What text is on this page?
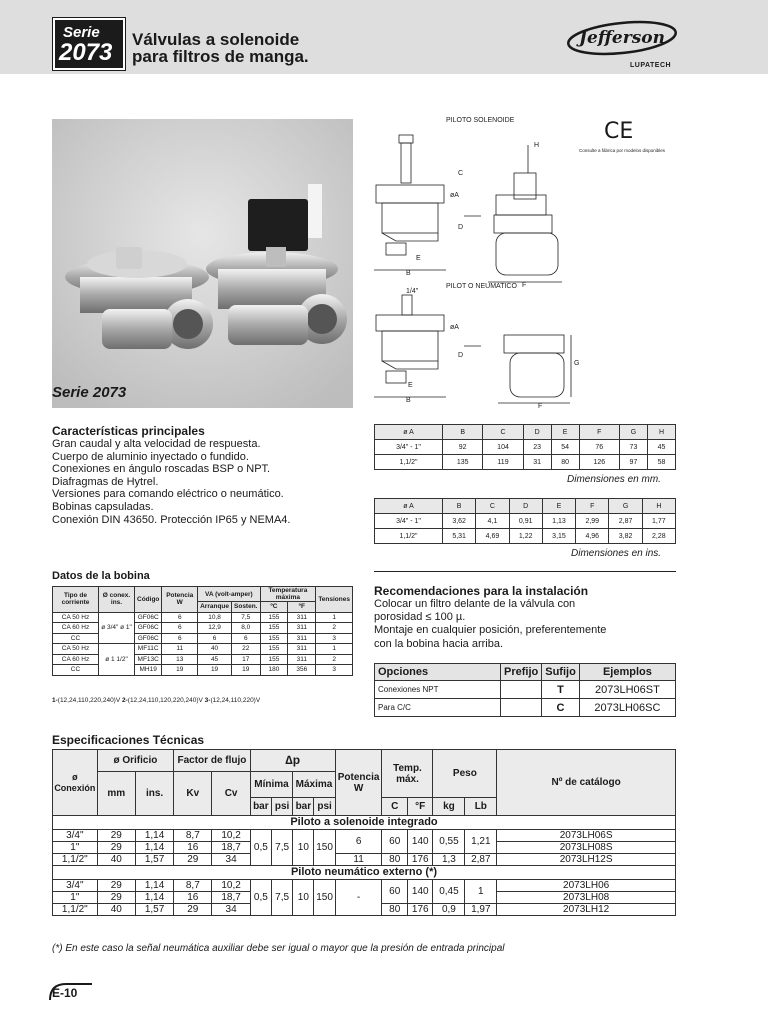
Serie
2073 Válvulas a solenoide
para filtros de manga.
Jefferson
LUPATECH
Serie 2073
PILOTO SOLENOIDE
PILOT O NEUMATICO
CE
Consulte a fábrica por modelos disponibles
C
øA
D
E
B
H
F
1/4"
øA
D
E
B
G
F
ø A	B	C	D	E	F	G	H
3/4" - 1"	92	104	23	54	76	73	45
1,1/2"	135	119	31	80	126	97	58
Dimensiones en mm.
ø A	B	C	D	E	F	G	H
3/4" - 1"	3,62	4,1	0,91	1,13	2,99	2,87	1,77
1,1/2"	5,31	4,69	1,22	3,15	4,96	3,82	2,28
Dimensiones en ins.
Características principales
Gran caudal y alta velocidad de respuesta.
Cuerpo de aluminio inyectado o fundido.
Conexiones en ángulo roscadas BSP o NPT.
Diafragmas de Hytrel.
Versiones para comando eléctrico o neumático.
Bobinas capsuladas.
Conexión DIN 43650. Protección IP65 y NEMA4.
Datos de la bobina
Tipo de corriente	Ø conex. ins.	Código	Potencia W	VA (volt-amper)		Temperatura máxima		Tensiones
				Arranque	Sosten.	ºC	ºF	
CA 50 Hz	ø 3/4" ø 1"	GF06C	6	10,8	7,5	155	311	1
CA 60 Hz		GF06C	6	12,9	8,0	155	311	2
CC		GF06C	6	6	6	155	311	3
CA 50 Hz	ø 1 1/2"	MF11C	11	40	22	155	311	1
CA 60 Hz		MF13C	13	45	17	155	311	2
CC		MH19	19	19	19	180	356	3
1-(12,24,110,220,240)V 2-(12,24,110,120,220,240)V 3-(12,24,110,220)V
Recomendaciones para la instalación
Colocar un filtro delante de la válvula con
porosidad ≤ 100 µ.
Montaje en cualquier posición, preferentemente
con la bobina hacia arriba.
Opciones	Prefijo	Sufijo	Ejemplos
Conexiones NPT		T	2073LH06ST
Para C/C		C	2073LH06SC
Especificaciones Técnicas
ø
Conexión	ø Orificio		Factor de flujo		∆p				Potencia W	Temp. máx.		Peso		Nº de catálogo
	mm	ins.	Kv	Cv	Mínima		Máxima							
					bar	psi	bar	psi		C	°F	kg	Lb	
Piloto a solenoide integrado														
3/4"	29	1,14	8,7	10,2	0,5	7,5	10	150	6	60	140	0,55	1,21	2073LH06S
1"	29	1,14	16	18,7										2073LH08S
1,1/2"	40	1,57	29	34					11	80	176	1,3	2,87	2073LH12S
Piloto neumático externo (*)														
3/4"	29	1,14	8,7	10,2	0,5	7,5	10	150	-	60	140	0,45	1	2073LH06
1"	29	1,14	16	18,7										2073LH08
1,1/2"	40	1,57	29	34						80	176	0,9	1,97	2073LH12
(*) En este caso la señal neumática auxiliar debe ser igual o mayor que la presión de entrada principal
E-10
